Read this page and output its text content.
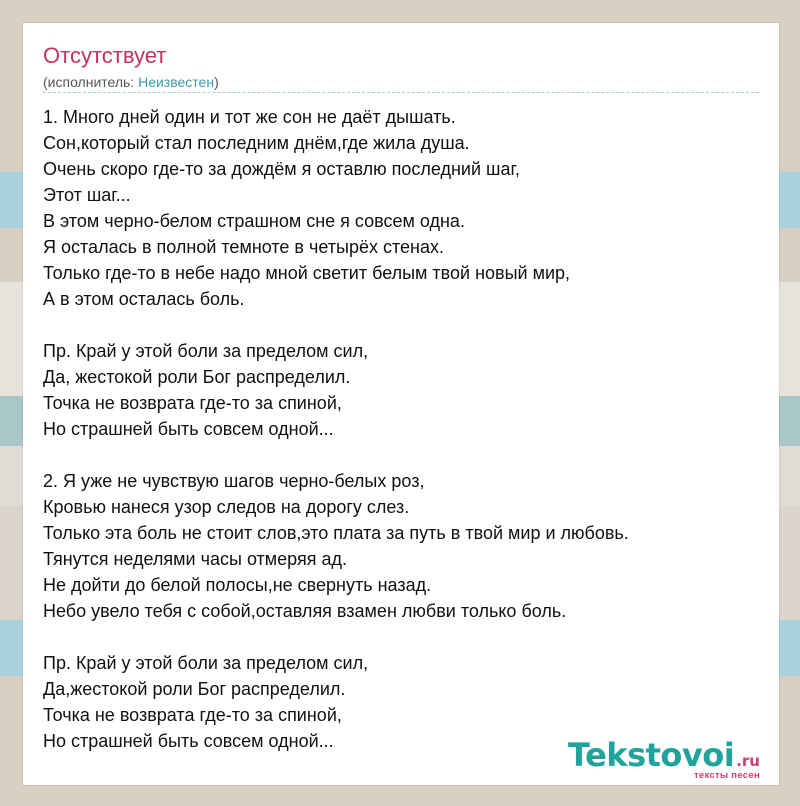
Отсутствует
(исполнитель: Неизвестен)
1. Много дней один и тот же сон не даёт дышать.
Сон,который стал последним днём,где жила душа.
Очень скоро где-то за дождём я оставлю последний шаг,
Этот шаг...
В этом черно-белом страшном сне я совсем одна.
Я осталась в полной темноте в четырёх стенах.
Только где-то в небе надо мной светит белым твой новый мир,
А в этом осталась боль.
Пр. Край у этой боли за пределом сил,
Да, жестокой роли Бог распределил.
Точка не возврата где-то за спиной,
Но страшней быть совсем одной...
2. Я уже не чувствую шагов черно-белых роз,
Кровью нанеся узор следов на дорогу слез.
Только эта боль не стоит слов,это плата за путь в твой мир и любовь.
Тянутся неделями часы отмеряя ад.
Не дойти до белой полосы,не свернуть назад.
Небо увело тебя с собой,оставляя взамен любви только боль.
Пр. Край у этой боли за пределом сил,
Да,жестокой роли Бог распределил.
Точка не возврата где-то за спиной,
Но страшней быть совсем одной...	Tekstovoi .ru
тексты песен
